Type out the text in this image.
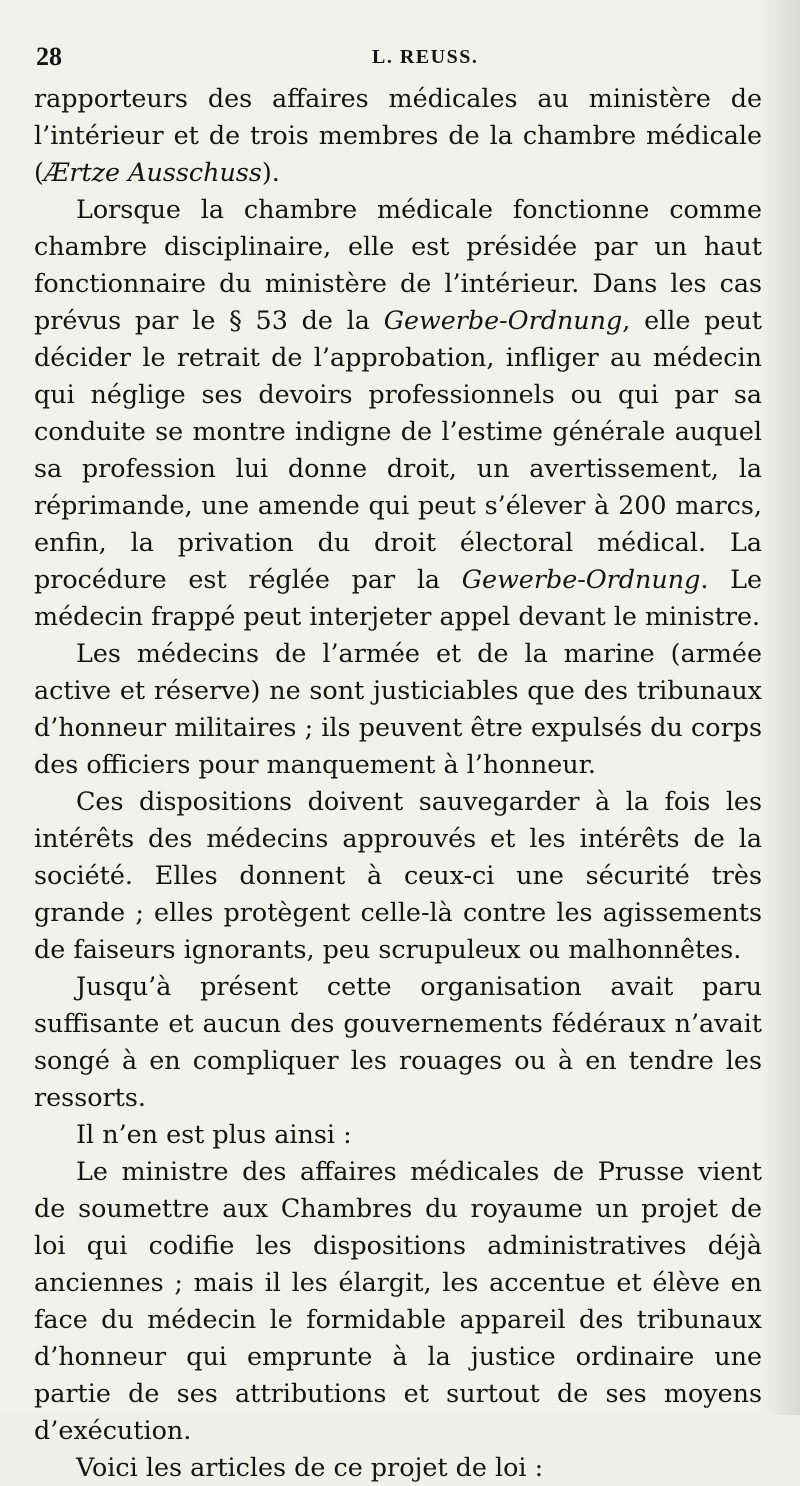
28	L. REUSS.

rapporteurs des affaires médicales au ministère de l’intérieur et de trois membres de la chambre médicale (Ærtze Ausschuss).

Lorsque la chambre médicale fonctionne comme chambre disciplinaire, elle est présidée par un haut fonctionnaire du ministère de l’intérieur. Dans les cas prévus par le § 53 de la Gewerbe-Ordnung, elle peut décider le retrait de l’approbation, infliger au médecin qui néglige ses devoirs professionnels ou qui par sa conduite se montre indigne de l’estime générale auquel sa profession lui donne droit, un avertissement, la réprimande, une amende qui peut s’élever à 200 marcs, enfin, la privation du droit électoral médical. La procédure est réglée par la Gewerbe-Ordnung. Le médecin frappé peut interjeter appel devant le ministre.

Les médecins de l’armée et de la marine (armée active et réserve) ne sont justiciables que des tribunaux d’honneur militaires ; ils peuvent être expulsés du corps des officiers pour manquement à l’honneur.

Ces dispositions doivent sauvegarder à la fois les intérêts des médecins approuvés et les intérêts de la société. Elles donnent à ceux-ci une sécurité très grande ; elles protègent celle-là contre les agissements de faiseurs ignorants, peu scrupuleux ou malhonnêtes.

Jusqu’à présent cette organisation avait paru suffisante et aucun des gouvernements fédéraux n’avait songé à en compliquer les rouages ou à en tendre les ressorts.

Il n’en est plus ainsi :

Le ministre des affaires médicales de Prusse vient de soumettre aux Chambres du royaume un projet de loi qui codifie les dispositions administratives déjà anciennes ; mais il les élargit, les accentue et élève en face du médecin le formidable appareil des tribunaux d’honneur qui emprunte à la justice ordinaire une partie de ses attributions et surtout de ses moyens d’exécution.

Voici les articles de ce projet de loi :
